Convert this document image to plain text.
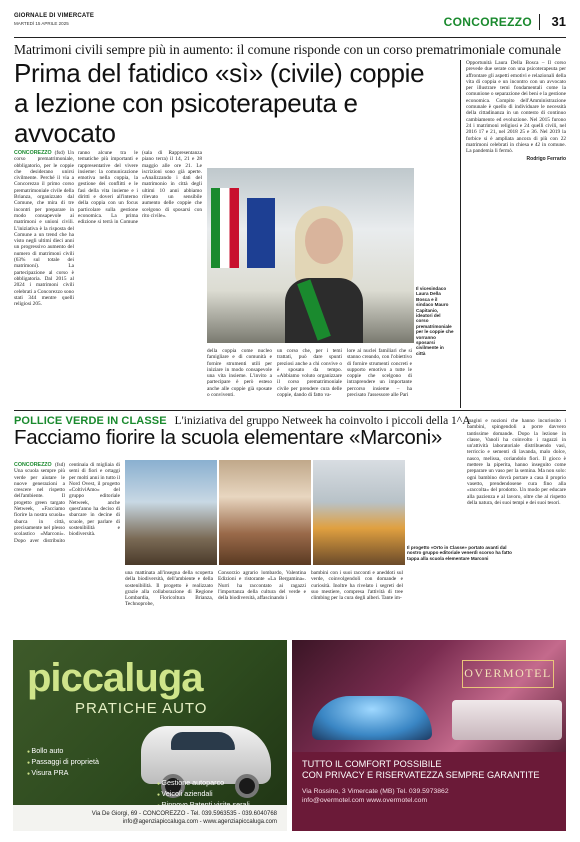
GIORNALE DI VIMERCATE
MARTEDÌ 15 APRILE 2025	CONCOREZZO 31
Matrimoni civili sempre più in aumento: il comune risponde con un corso prematrimoniale comunale
Prima del fatidico «sì» (civile) coppie
a lezione con psicoterapeuta e avvocato
CONCOREZZO (fsd) Un corso prematrimoniale, obbligatorio, per le coppie che desiderano unirsi civilmente. Perché il via a Concorezzo il primo corso prematrimoniale civile della Brianza, organizzato dal Comune, che mira di tre incontri per preparare in modo consapevole ai matrimoni e unioni civili. L'iniziativa è la risposta del Comune a un trend che ha visto negli ultimi dieci anni un progressivo aumento del numero di matrimoni civili (63% sul totale dei matrimoni). La partecipazione al corso è obbligatoria. Dal 2015 al 2024 i matrimoni civili celebrati a Concorezzo sono stati 344 mentre quelli religiosi 205.
ranno alcune tra le tematiche più importanti e rappresentative del vivere insieme: la comunicazione emotiva nella coppia, la gestione dei conflitti e le fasi della vita insieme e i diritti e doveri all'interno della coppia con un focus particolare sulla gestione economica. La prima edizione si terrà in Comune (sala di Rappresentanza piano terra) il 14, 21 e 28 maggio alle ore 21. Le iscrizioni sono già aperte. «Analizzando i dati del matrimonio in città degli ultimi 10 anni abbiamo rilevato un sensibile aumento delle coppie che scelgono di sposarsi con rito civile».
della coppia come nucleo famigliare e di comunità e fornire strumenti utili per iniziare in modo consapevole una vita insieme. L'invito a partecipare è però esteso anche alle coppie già sposate o conviventi.
un corso che, per i temi trattati, può dare spunti preziosi anche a chi convive o è sposato da tempo. «Abbiamo voluto organizzare il corso prematrimoniale civile per prendere cura delle coppie, dando di fatto va-
lore ai nuclei familiari che si stanno creando, con l'obiettivo di fornire strumenti concreti e supporto emotivo a tutte le coppie che scelgono di intraprendere un importante percorso insieme – ha precisato l'assessore alle Pari
Il vicesindaco Laura Della Bosca e il sindaco Mauro Capitanio, ideatori del corso prematrimoniale per le coppie che vorranno sposarsi civilmente in città
Opportunità Laura Della Bosca – Il corso prevede due serate con una psicoterapeuta per affrontare gli aspetti emotivi e relazionali della vita di coppia e un incontro con un avvocato per illustrare temi fondamentali come la comunione o separazione dei beni e la gestione economica. Compito dell'Amministrazione comunale è quello di individuare le necessità della cittadinanza in un contesto di continuo cambiamento ed evoluzione. Nel 2015 furono 24 i matrimoni religiosi e 24 quelli civili, nel 2016 17 e 21, nel 2018 25 e 36. Nel 2019 la forbice si è ampliata ancora di più con 22 matrimoni celebrati in chiesa e 42 in comune. La pandemia li fermò.
Rodrigo Ferrario
POLLICE VERDE IN CLASSE L'iniziativa del gruppo Netweek ha coinvolto i piccoli della 1^A
Facciamo fiorire la scuola elementare «Marconi»
CONCOREZZO (fsd) Una scuola sempre più verde per aiutare le nuove generazioni a crescere nel rispetto dell'ambiente. Il progetto green targato Netweek, «Facciamo fiorire la nostra scuola» sbarca in città, precisamente nel plesso scolastico «Marconi». Dopo aver distribuito centinaia di migliaia di semi di fiori e ortaggi per molti anni in tutto il Nord Ovest, il progetto «ColtiviAmo» del gruppo editoriale Netweek, anche quest'anno ha deciso di sbarcare in decine di scuole, per parlare di sostenibilità e biodiversità.
Il progetto «Orto in Classe» portato avanti dal nostro gruppo editoriale venerdì scorso ha fatto tappa alla scuola elementare Marconi
una mattinata all'insegna della scoperta della biodiversità, dell'ambiente e della sostenibilità. Il progetto è realizzato grazie alla collaborazione di Regione Lombardia, Floricoltura Brianza, Technoprobe,
Consorzio agrario lombardo, Valentina Edizioni e ristorante «La Bergamina». Nurri ha raccontato ai ragazzi l'importanza della cultura del verde e della biodiversità, affascinando i
bambini con i suoi racconti e aneddoti sul verde, coinvolgendoli con domande e curiosità. Inoltre ha rivelato i segreti del suo mestiere, compresa l'attività di tree climbing per la cura degli alberi. Tante im-
magini e nozioni che hanno incuriosito i bambini, spingendoli a porre davvero tantissime domande. Dopo la lezione in classe, Vanoli ha coinvolto i ragazzi in un'attività laboratoriale distribuendo vasi, terriccio e sementi di lavanda, malo dolce, nasco, melissa, coriandolo fiori. Il gioco è mettere la piperita, hanno inseguito come preparare un vaso per la semina. Ma non solo: ogni bambino dovrà portare a casa il proprio vasetto, prendendosene cura fino alla «raccolta» del prodotto. Un modo per educare alla pazienza e al lavoro, oltre che al rispetto della natura, dei suoi tempi e dei suoi tesori.
piccaluga
PRATICHE AUTO
● Bollo auto
● Passaggi di proprietà
● Visura PRA
● Gestione autoparco
● Veicoli aziendali
●
Via De Giorgi, 69 - CONCOREZZO - Tel. 039.5963535 - 039.6040768
info@agenziapiccaluga.com - www.agenziapiccaluga.com
OVERMOTEL
TUTTO IL COMFORT POSSIBILE
CON PRIVACY E RISERVATEZZA SEMPRE GARANTITE
Via Rossino, 3 Vimercate (MB) Tel. 039.5973862
info@overmotel.com www.overmotel.com
